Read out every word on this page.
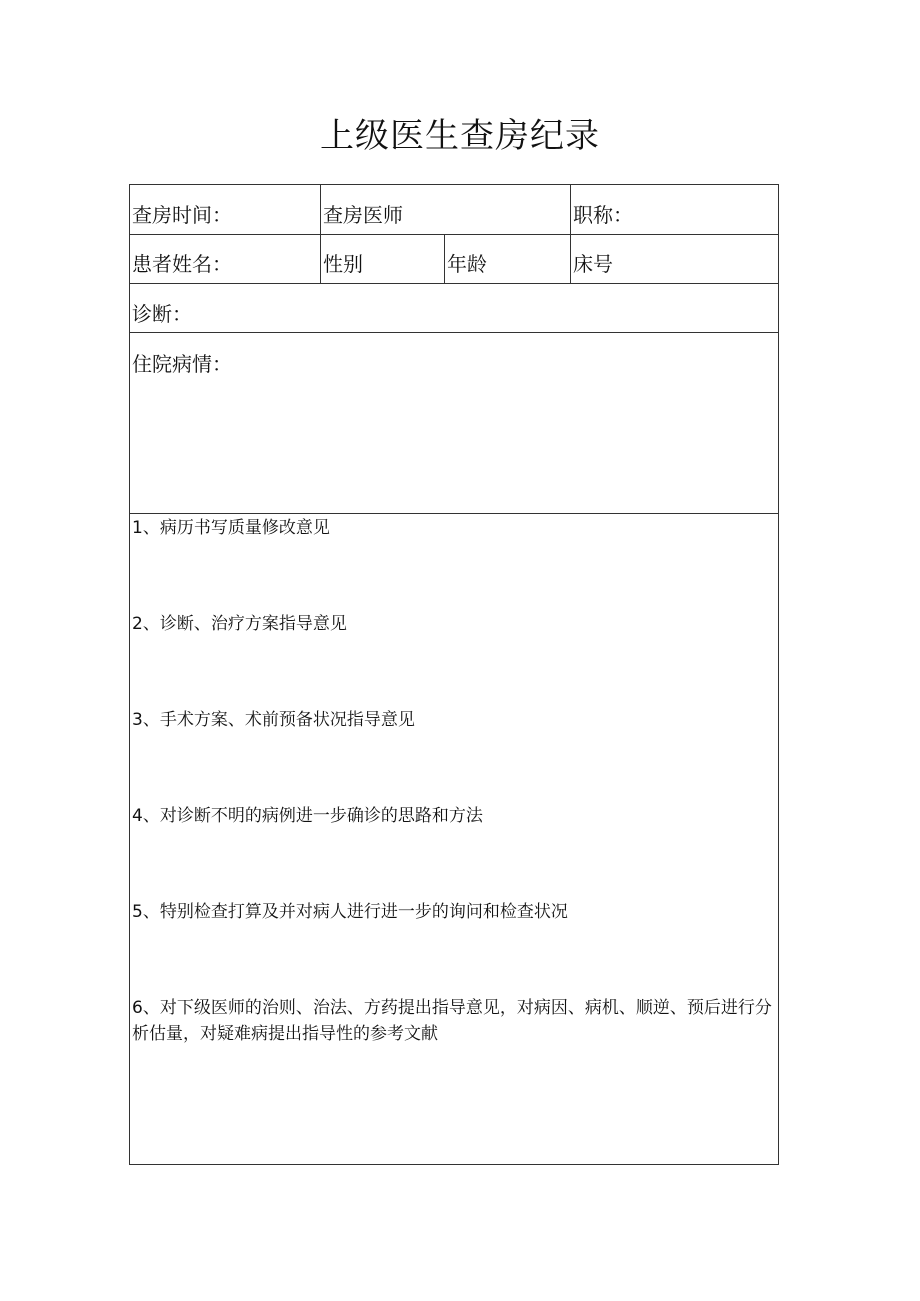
上级医生查房纪录
查房时间：	查房医师	职称：
患者姓名：	性别	年龄	床号
诊断：
住院病情：
1、病历书写质量修改意见
2、诊断、治疗方案指导意见
3、手术方案、术前预备状况指导意见
4、对诊断不明的病例进一步确诊的思路和方法
5、特别检查打算及并对病人进行进一步的询问和检查状况
6、对下级医师的治则、治法、方药提出指导意见，对病因、病机、顺逆、预后进行分析估量，对疑难病提出指导性的参考文献
